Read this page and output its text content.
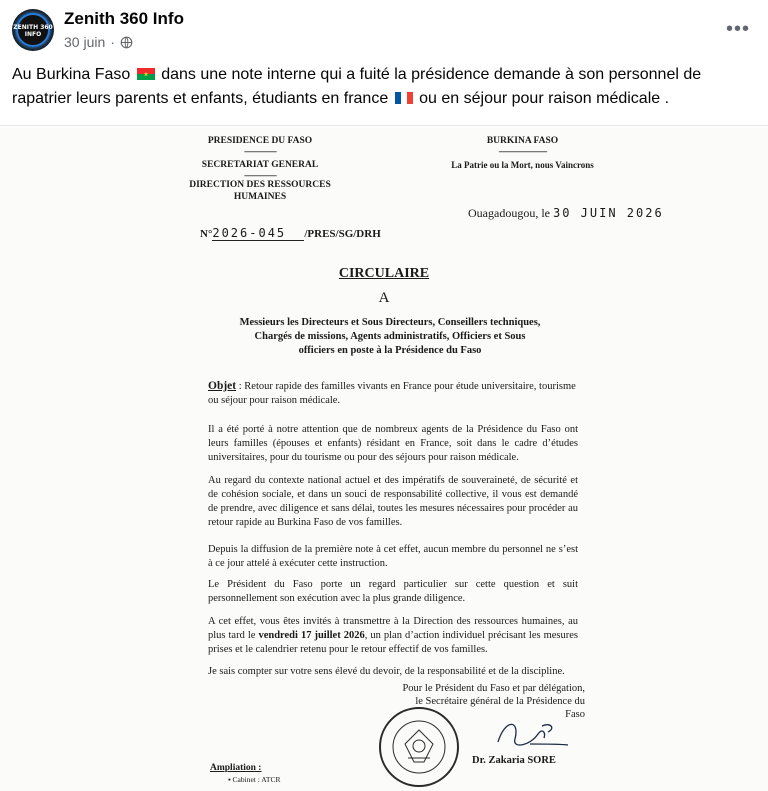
ZENITH 360 INFO
Zenith 360 Info
30 juin ·
•••
Au Burkina Faso dans une note interne qui a fuité la présidence demande à son personnel de rapatrier leurs parents et enfants, étudiants en france ou en séjour pour raison médicale .
PRESIDENCE DU FASO
----------------
SECRETARIAT GENERAL
----------------
DIRECTION DES RESSOURCES HUMAINES
BURKINA FASO
------------------------
La Patrie ou la Mort, nous Vaincrons
Ouagadougou, le 30 JUIN 2026
N°2026-045 /PRES/SG/DRH
CIRCULAIRE
A
Messieurs les Directeurs et Sous Directeurs, Conseillers techniques, Chargés de missions, Agents administratifs, Officiers et Sous officiers en poste à la Présidence du Faso
Objet : Retour rapide des familles vivants en France pour étude universitaire, tourisme ou séjour pour raison médicale.
Il a été porté à notre attention que de nombreux agents de la Présidence du Faso ont leurs familles (épouses et enfants) résidant en France, soit dans le cadre d’études universitaires, pour du tourisme ou pour des séjours pour raison médicale.
Au regard du contexte national actuel et des impératifs de souveraineté, de sécurité et de cohésion sociale, et dans un souci de responsabilité collective, il vous est demandé de prendre, avec diligence et sans délai, toutes les mesures nécessaires pour procéder au retour rapide au Burkina Faso de vos familles.
Depuis la diffusion de la première note à cet effet, aucun membre du personnel ne s’est à ce jour attelé à exécuter cette instruction.
Le Président du Faso porte un regard particulier sur cette question et suit personnellement son exécution avec la plus grande diligence.
A cet effet, vous êtes invités à transmettre à la Direction des ressources humaines, au plus tard le vendredi 17 juillet 2026, un plan d’action individuel précisant les mesures prises et le calendrier retenu pour le retour effectif de vos familles.
Je sais compter sur votre sens élevé du devoir, de la responsabilité et de la discipline.
Pour le Président du Faso et par délégation,
le Secrétaire général de la Présidence du Faso
Dr. Zakaria SORE
Ampliation :
▪ Cabinet : ATCR
